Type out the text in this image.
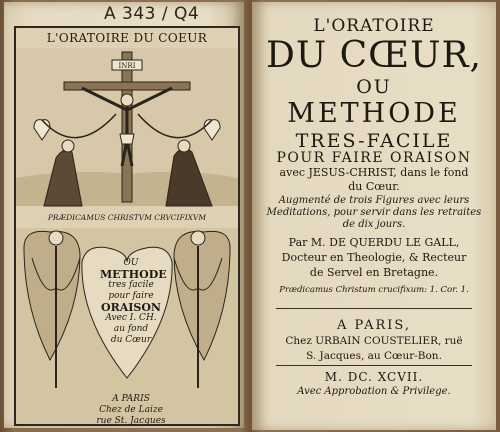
A 343 / Q4
L'ORATOIRE DU COEUR
INRI
PRÆDICAMUS CHRISTVM CRVCIFIXVM
OU
METHODE
tres facile
pour faire
ORAISON
Avec I. CH.
au fond
du Cœur
A PARIS
Chez de Laize
rue St. Jacques
L'ORATOIRE
DU CŒUR,
OU
METHODE
TRES-FACILE
POUR FAIRE ORAISON
avec JESUS-CHRIST, dans le fond
du Cœur.
Augmenté de trois Figures avec leurs Meditations, pour servir dans les retraites de dix jours.
Par M. DE QUERDU LE GALL,
Docteur en Theologie, & Recteur
de Servel en Bretagne.
Prædicamus Christum crucifixum: 1. Cor. 1.
A PARIS,
Chez URBAIN COUSTELIER, ruë
S. Jacques, au Cœur-Bon.
M. DC. XCVII.
Avec Approbation & Privilege.
